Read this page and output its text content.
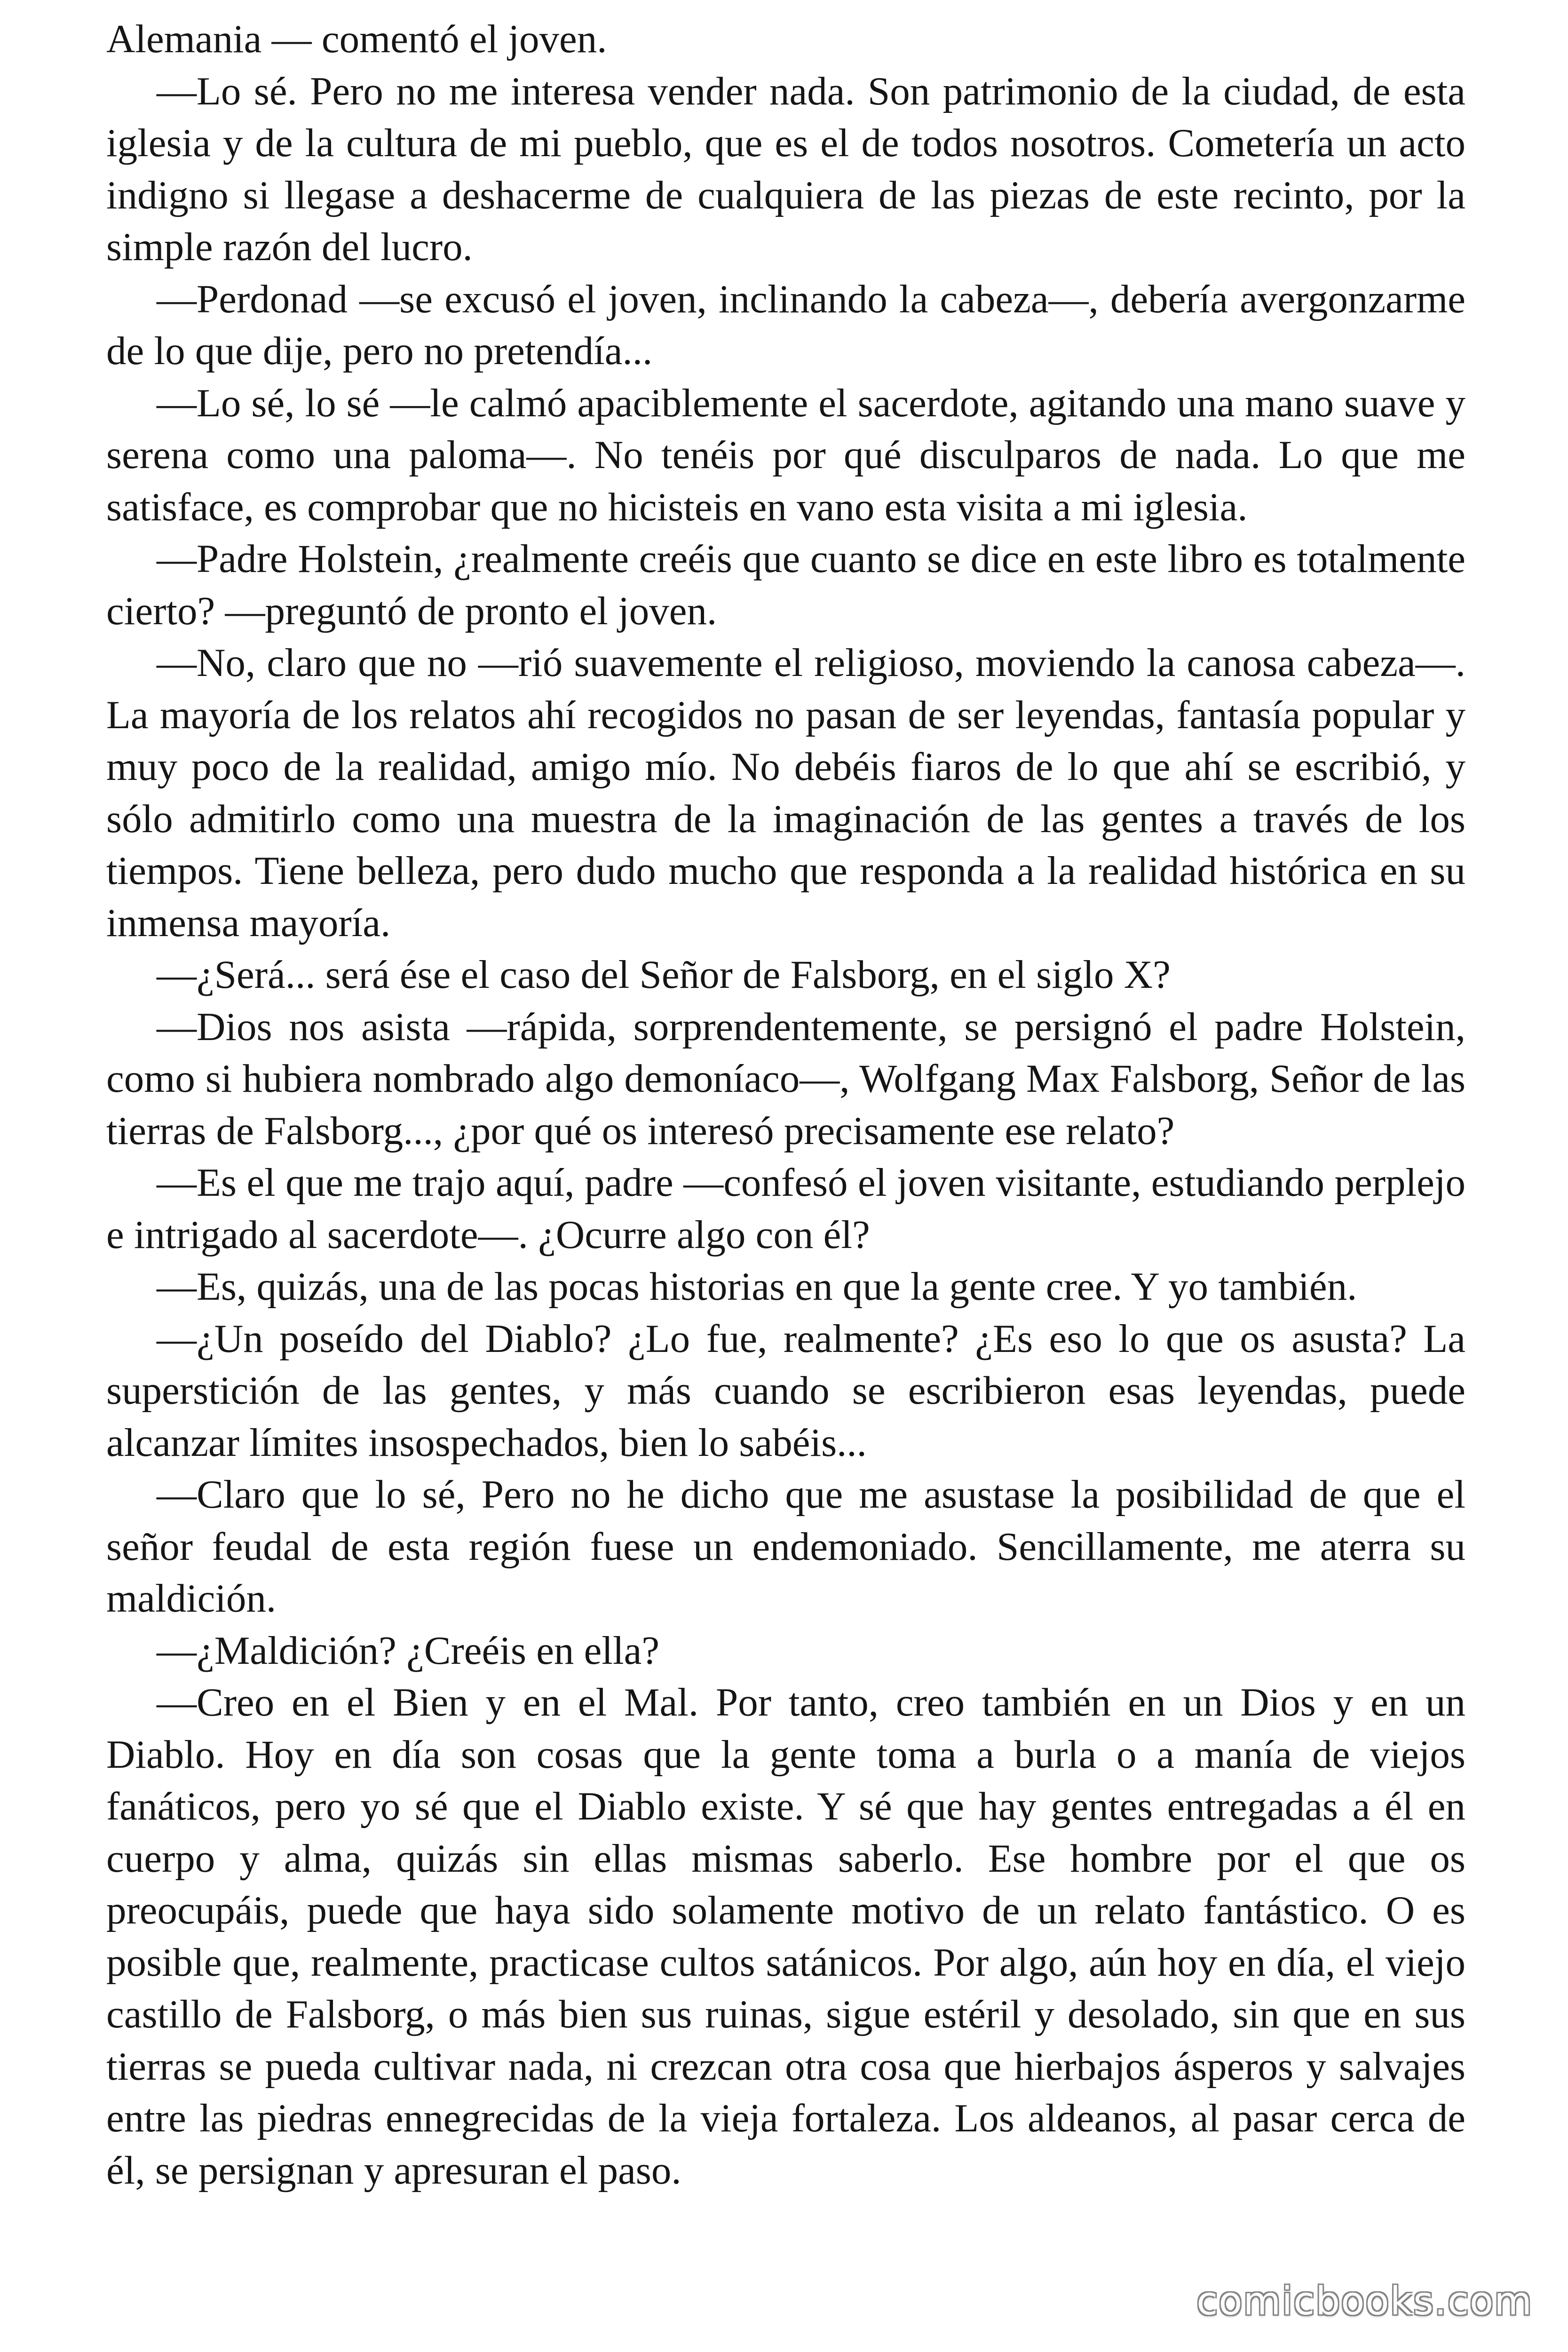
Alemania — comentó el joven.

—Lo sé. Pero no me interesa vender nada. Son patrimonio de la ciudad, de esta iglesia y de la cultura de mi pueblo, que es el de todos nosotros. Cometería un acto indigno si llegase a deshacerme de cualquiera de las piezas de este recinto, por la simple razón del lucro.

—Perdonad —se excusó el joven, inclinando la cabeza—, debería avergonzarme de lo que dije, pero no pretendía...

—Lo sé, lo sé —le calmó apaciblemente el sacerdote, agitando una mano suave y serena como una paloma—. No tenéis por qué disculparos de nada. Lo que me satisface, es comprobar que no hicisteis en vano esta visita a mi iglesia.

—Padre Holstein, ¿realmente creéis que cuanto se dice en este libro es totalmente cierto? —preguntó de pronto el joven.

—No, claro que no —rió suavemente el religioso, moviendo la canosa cabeza—. La mayoría de los relatos ahí recogidos no pasan de ser leyendas, fantasía popular y muy poco de la realidad, amigo mío. No debéis fiaros de lo que ahí se escribió, y sólo admitirlo como una muestra de la imaginación de las gentes a través de los tiempos. Tiene belleza, pero dudo mucho que responda a la realidad histórica en su inmensa mayoría.

—¿Será... será ése el caso del Señor de Falsborg, en el siglo X?

—Dios nos asista —rápida, sorprendentemente, se persignó el padre Holstein, como si hubiera nombrado algo demoníaco—, Wolfgang Max Falsborg, Señor de las tierras de Falsborg..., ¿por qué os interesó precisamente ese relato?

—Es el que me trajo aquí, padre —confesó el joven visitante, estudiando perplejo e intrigado al sacerdote—. ¿Ocurre algo con él?

—Es, quizás, una de las pocas historias en que la gente cree. Y yo también.

—¿Un poseído del Diablo? ¿Lo fue, realmente? ¿Es eso lo que os asusta? La superstición de las gentes, y más cuando se escribieron esas leyendas, puede alcanzar límites insospechados, bien lo sabéis...

—Claro que lo sé, Pero no he dicho que me asustase la posibilidad de que el señor feudal de esta región fuese un endemoniado. Sencillamente, me aterra su maldición.

—¿Maldición? ¿Creéis en ella?

—Creo en el Bien y en el Mal. Por tanto, creo también en un Dios y en un Diablo. Hoy en día son cosas que la gente toma a burla o a manía de viejos fanáticos, pero yo sé que el Diablo existe. Y sé que hay gentes entregadas a él en cuerpo y alma, quizás sin ellas mismas saberlo. Ese hombre por el que os preocupáis, puede que haya sido solamente motivo de un relato fantástico. O es posible que, realmente, practicase cultos satánicos. Por algo, aún hoy en día, el viejo castillo de Falsborg, o más bien sus ruinas, sigue estéril y desolado, sin que en sus tierras se pueda cultivar nada, ni crezcan otra cosa que hierbajos ásperos y salvajes entre las piedras ennegrecidas de la vieja fortaleza. Los aldeanos, al pasar cerca de él, se persignan y apresuran el paso.

comicbooks.com
